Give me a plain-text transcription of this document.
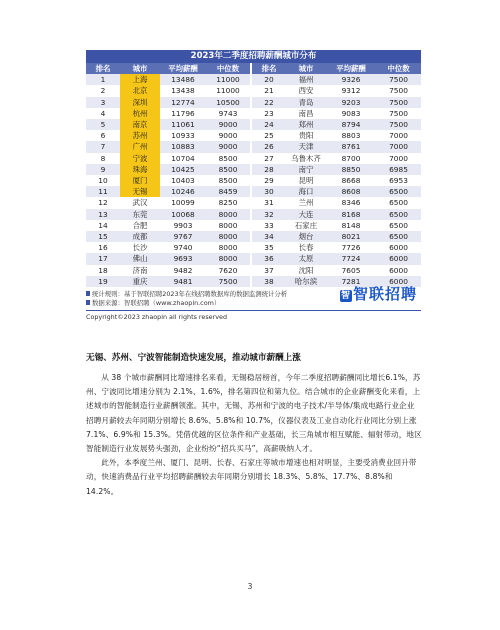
2023年二季度招聘薪酬城市分布
排名	城市	平均薪酬	中位数		排名	城市	平均薪酬	中位数
1	上海	13486	11000		20	福州	9326	7500
2	北京	13438	11000		21	西安	9312	7500
3	深圳	12774	10500		22	青岛	9203	7500
4	杭州	11796	9743		23	南昌	9083	7500
5	南京	11061	9000		24	郑州	8794	7500
6	苏州	10933	9000		25	贵阳	8803	7000
7	广州	10883	9000		26	天津	8761	7000
8	宁波	10704	8500		27	乌鲁木齐	8700	7000
9	珠海	10425	8500		28	南宁	8850	6985
10	厦门	10403	8500		29	昆明	8668	6953
11	无锡	10246	8459		30	海口	8608	6500
12	武汉	10099	8250		31	兰州	8346	6500
13	东莞	10068	8000		32	大连	8168	6500
14	合肥	9903	8000		33	石家庄	8148	6500
15	成都	9767	8000		34	烟台	8021	6500
16	长沙	9740	8000		35	长春	7726	6000
17	佛山	9693	8000		36	太原	7724	6000
18	济南	9482	7620		37	沈阳	7605	6000
19	重庆	9481	7500		38	哈尔滨	7281	6000
统计规则：基于智联招聘2023年在线招聘数据库的数据监测统计分析
数据来源：智联招聘（www.zhaopin.com）
Copyright©2023 zhaopin all rights reserved
智 智联招聘
无锡、苏州、宁波智能制造快速发展，推动城市薪酬上涨

从 38 个城市薪酬同比增速排名来看，无锡稳居榜首，今年二季度招聘薪酬同比增长6.1%，苏州、宁波同比增速分别为 2.1%、1.6%，排名第四位和第九位。结合城市的企业薪酬变化来看，上述城市的智能制造行业薪酬领涨。其中，无锡、苏州和宁波的电子技术/半导体/集成电路行业企业招聘月薪较去年同期分别增长 8.6%、5.8%和 10.7%，仪器仪表及工业自动化行业同比分别上涨 7.1%、6.9%和 15.3%。凭借优越的区位条件和产业基础，长三角城市相互赋能、辐射带动，地区智能制造行业发展势头强劲，企业纷纷“招兵买马”，高薪吸纳人才。

此外，本季度兰州、厦门、昆明、长春、石家庄等城市增速也相对明显，主要受消费业回升带动，快速消费品行业平均招聘薪酬较去年同期分别增长 18.3%、5.8%、17.7%、8.8%和 14.2%。

3
